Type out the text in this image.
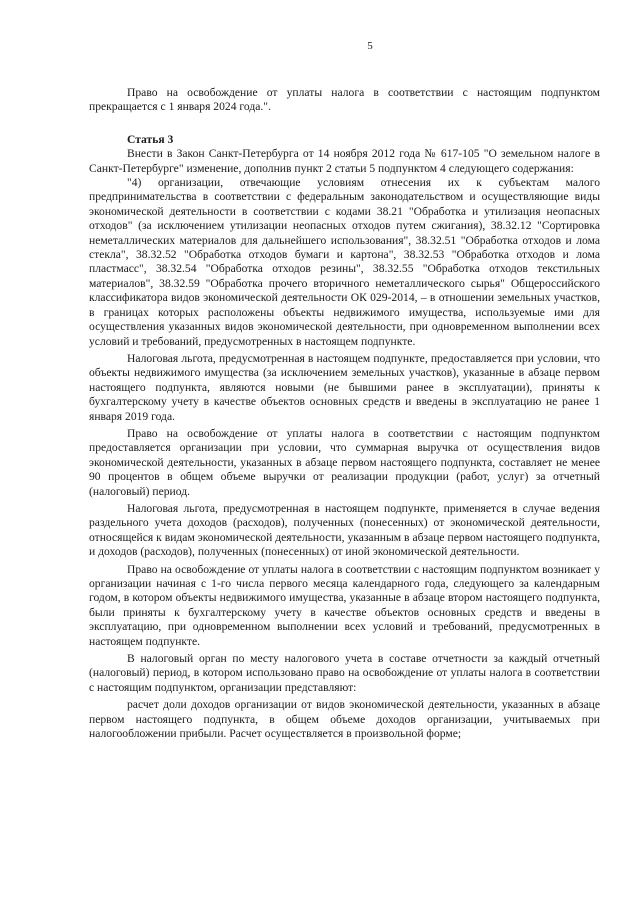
5

Право на освобождение от уплаты налога в соответствии с настоящим подпунктом прекращается с 1 января 2024 года.".

Статья 3

Внести в Закон Санкт-Петербурга от 14 ноября 2012 года № 617-105 "О земельном налоге в Санкт-Петербурге" изменение, дополнив пункт 2 статьи 5 подпунктом 4 следующего содержания:

"4) организации, отвечающие условиям отнесения их к субъектам малого предпринимательства в соответствии с федеральным законодательством и осуществляющие виды экономической деятельности в соответствии с кодами 38.21 "Обработка и утилизация неопасных отходов" (за исключением утилизации неопасных отходов путем сжигания), 38.32.12 "Сортировка неметаллических материалов для дальнейшего использования", 38.32.51 "Обработка отходов и лома стекла", 38.32.52 "Обработка отходов бумаги и картона", 38.32.53 "Обработка отходов и лома пластмасс", 38.32.54 "Обработка отходов резины", 38.32.55 "Обработка отходов текстильных материалов", 38.32.59 "Обработка прочего вторичного неметаллического сырья" Общероссийского классификатора видов экономической деятельности ОК 029-2014, – в отношении земельных участков, в границах которых расположены объекты недвижимого имущества, используемые ими для осуществления указанных видов экономической деятельности, при одновременном выполнении всех условий и требований, предусмотренных в настоящем подпункте.

Налоговая льгота, предусмотренная в настоящем подпункте, предоставляется при условии, что объекты недвижимого имущества (за исключением земельных участков), указанные в абзаце первом настоящего подпункта, являются новыми (не бывшими ранее в эксплуатации), приняты к бухгалтерскому учету в качестве объектов основных средств и введены в эксплуатацию не ранее 1 января 2019 года.

Право на освобождение от уплаты налога в соответствии с настоящим подпунктом предоставляется организации при условии, что суммарная выручка от осуществления видов экономической деятельности, указанных в абзаце первом настоящего подпункта, составляет не менее 90 процентов в общем объеме выручки от реализации продукции (работ, услуг) за отчетный (налоговый) период.

Налоговая льгота, предусмотренная в настоящем подпункте, применяется в случае ведения раздельного учета доходов (расходов), полученных (понесенных) от экономической деятельности, относящейся к видам экономической деятельности, указанным в абзаце первом настоящего подпункта, и доходов (расходов), полученных (понесенных) от иной экономической деятельности.

Право на освобождение от уплаты налога в соответствии с настоящим подпунктом возникает у организации начиная с 1-го числа первого месяца календарного года, следующего за календарным годом, в котором объекты недвижимого имущества, указанные в абзаце втором настоящего подпункта, были приняты к бухгалтерскому учету в качестве объектов основных средств и введены в эксплуатацию, при одновременном выполнении всех условий и требований, предусмотренных в настоящем подпункте.

В налоговый орган по месту налогового учета в составе отчетности за каждый отчетный (налоговый) период, в котором использовано право на освобождение от уплаты налога в соответствии с настоящим подпунктом, организации представляют:

расчет доли доходов организации от видов экономической деятельности, указанных в абзаце первом настоящего подпункта, в общем объеме доходов организации, учитываемых при налогообложении прибыли. Расчет осуществляется в произвольной форме;
